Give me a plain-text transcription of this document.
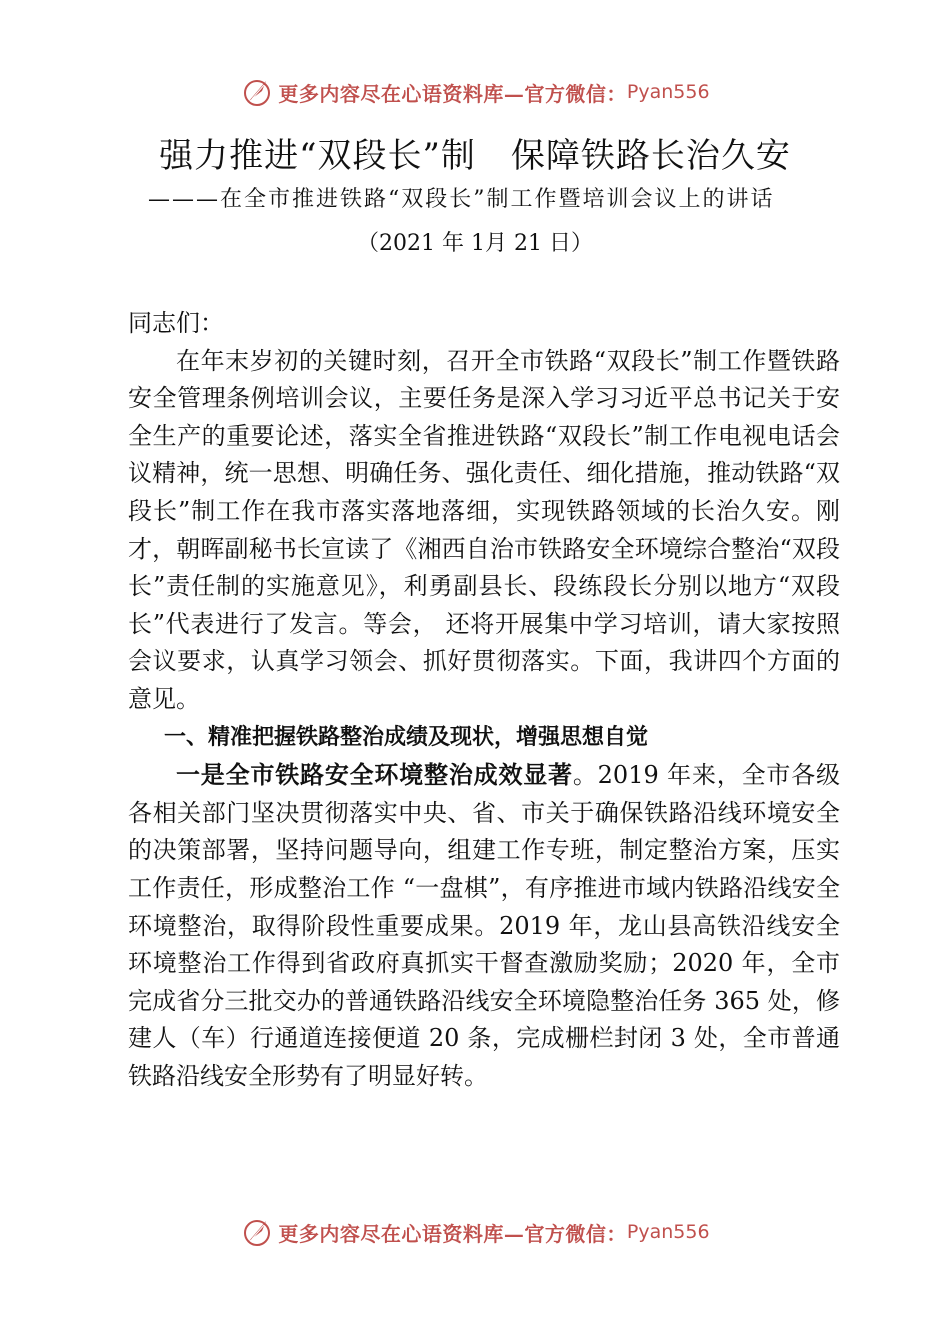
更多内容尽在心语资料库— 官方微信： Pyan556
强力推进“双段长”制　保障铁路长治久安
———在全市推进铁路“双段长”制工作暨培训会议上的讲话
（2021 年 1月 21 日）

同志们：

在年末岁初的关键时刻，召开全市铁路“双段长”制工作暨铁路安全管理条例培训会议，主要任务是深入学习习近平总书记关于安全生产的重要论述，落实全省推进铁路“双段长”制工作电视电话会议精神，统一思想、明确任务、强化责任、细化措施，推动铁路“双段长”制工作在我市落实落地落细，实现铁路领域的长治久安。刚才，朝晖副秘书长宣读了《湘西自治市铁路安全环境综合整治“双段长”责任制的实施意见》，利勇副县长、段练段长分别以地方“双段长”代表进行了发言。等会， 还将开展集中学习培训，请大家按照会议要求，认真学习领会、抓好贯彻落实。下面，我讲四个方面的意见。

一、精准把握铁路整治成绩及现状，增强思想自觉

一是全市铁路安全环境整治成效显著。2019 年来，全市各级各相关部门坚决贯彻落实中央、省、市关于确保铁路沿线环境安全的决策部署，坚持问题导向，组建工作专班，制定整治方案，压实工作责任，形成整治工作 “一盘棋”，有序推进市域内铁路沿线安全环境整治，取得阶段性重要成果。2019 年，龙山县高铁沿线安全环境整治工作得到省政府真抓实干督查激励奖励；2020 年，全市完成省分三批交办的普通铁路沿线安全环境隐整治任务 365 处，修建人（车）行通道连接便道 20 条，完成栅栏封闭 3 处，全市普通铁路沿线安全形势有了明显好转。

更多内容尽在心语资料库— 官方微信： Pyan556
